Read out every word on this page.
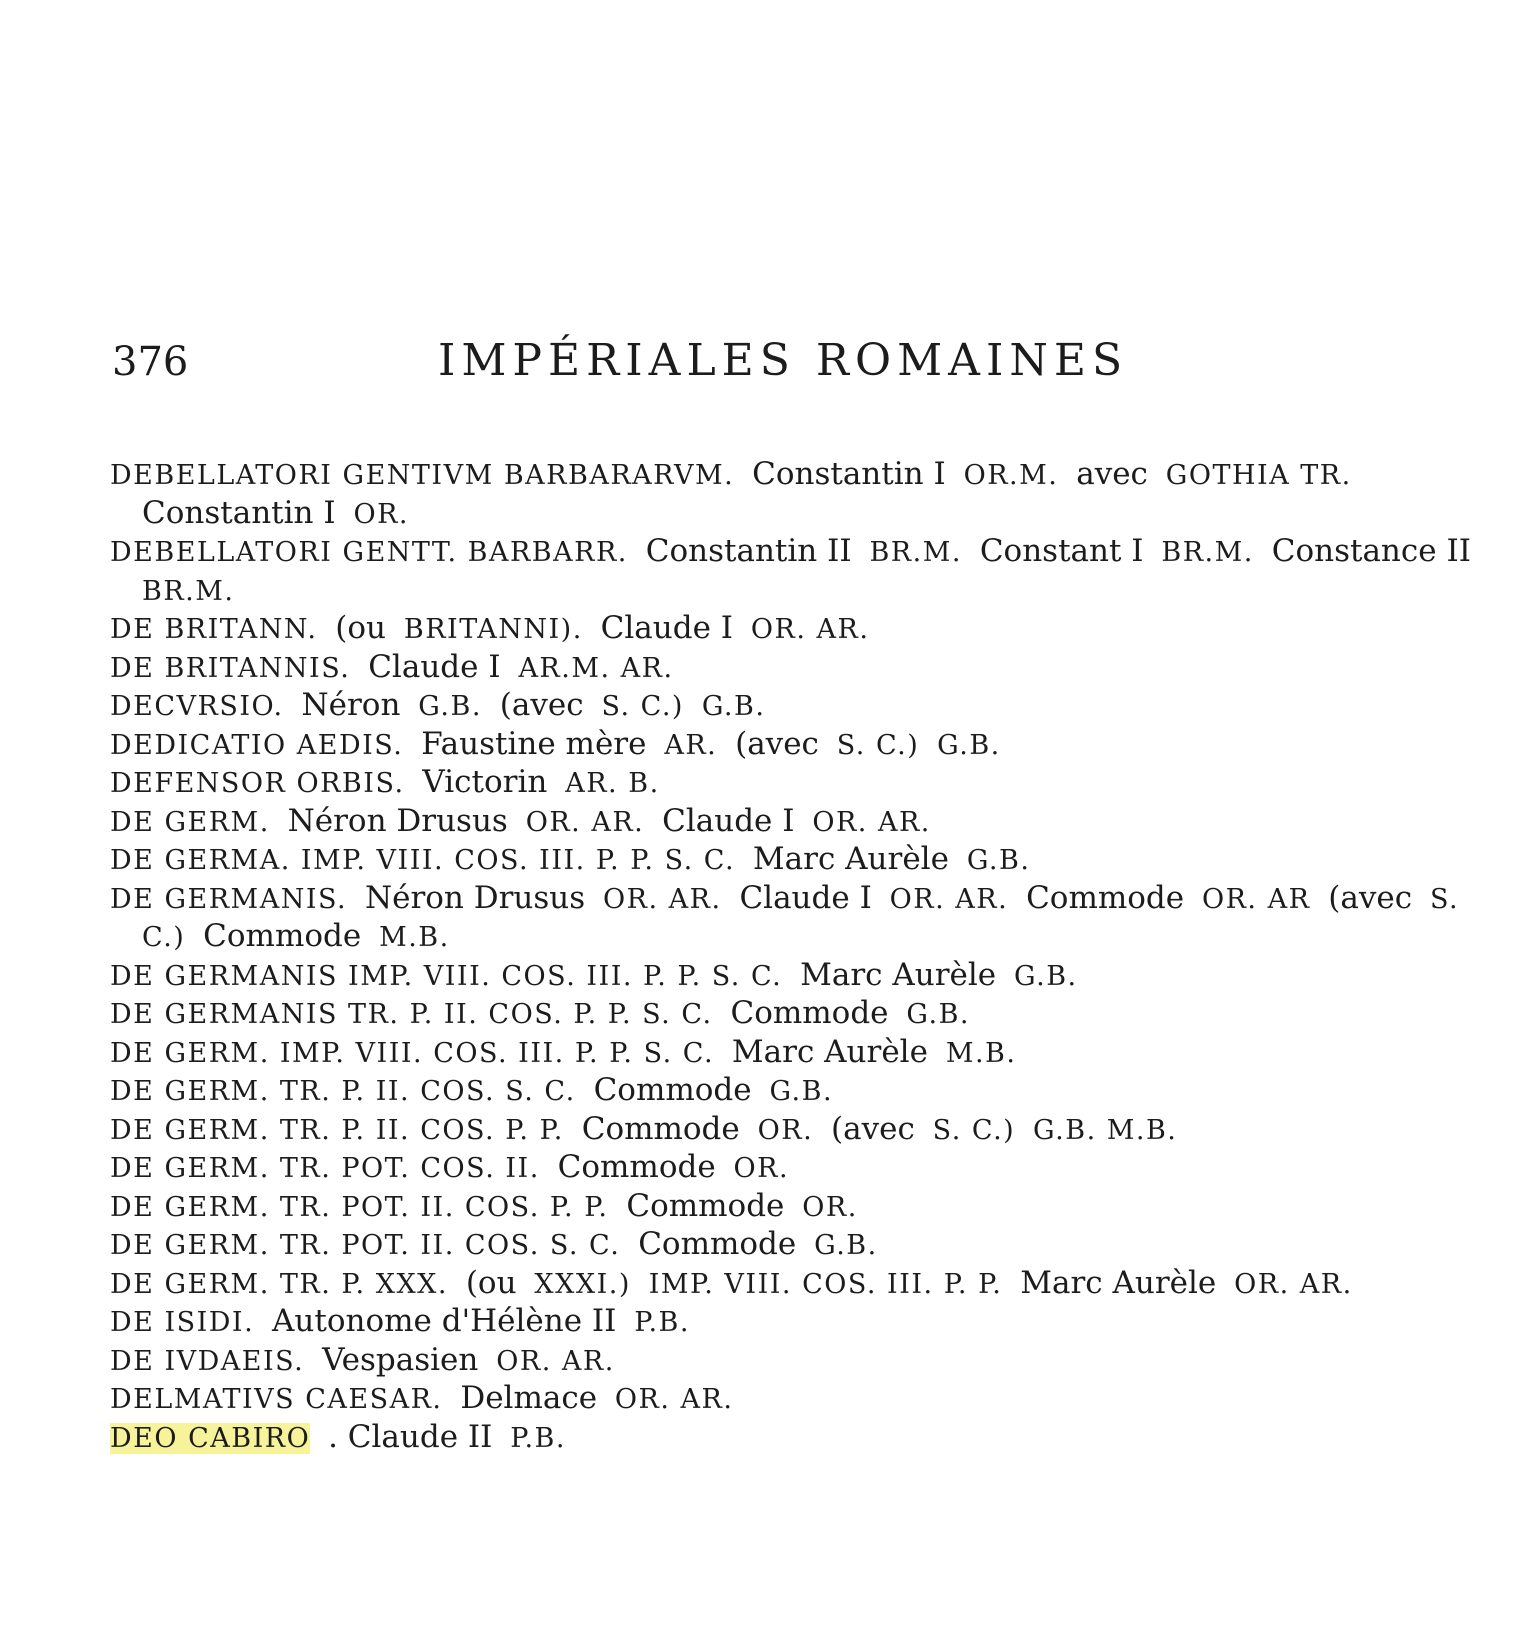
376	IMPÉRIALES ROMAINES

DEBELLATORI GENTIVM BARBARARVM. Constantin I OR.M. avec GOTHIA TR. Constantin I OR.

DEBELLATORI GENTT. BARBARR. Constantin II BR.M. Constant I BR.M. Constance II BR.M.

DE BRITANN. (ou BRITANNI). Claude I OR. AR.

DE BRITANNIS. Claude I AR.M. AR.

DECVRSIO. Néron G.B. (avec S. C.) G.B.

DEDICATIO AEDIS. Faustine mère AR. (avec S. C.) G.B.

DEFENSOR ORBIS. Victorin AR. B.

DE GERM. Néron Drusus OR. AR. Claude I OR. AR.

DE GERMA. IMP. VIII. COS. III. P. P. S. C. Marc Aurèle G.B.

DE GERMANIS. Néron Drusus OR. AR. Claude I OR. AR. Commode OR. AR (avec S. C.) Commode M.B.

DE GERMANIS IMP. VIII. COS. III. P. P. S. C. Marc Aurèle G.B.

DE GERMANIS TR. P. II. COS. P. P. S. C. Commode G.B.

DE GERM. IMP. VIII. COS. III. P. P. S. C. Marc Aurèle M.B.

DE GERM. TR. P. II. COS. S. C. Commode G.B.

DE GERM. TR. P. II. COS. P. P. Commode OR. (avec S. C.) G.B. M.B.

DE GERM. TR. POT. COS. II. Commode OR.

DE GERM. TR. POT. II. COS. P. P. Commode OR.

DE GERM. TR. POT. II. COS. S. C. Commode G.B.

DE GERM. TR. P. XXX. (ou XXXI.) IMP. VIII. COS. III. P. P. Marc Aurèle OR. AR.

DE ISIDI. Autonome d'Hélène II P.B.

DE IVDAEIS. Vespasien OR. AR.

DELMATIVS CAESAR. Delmace OR. AR.

DEO CABIRO . Claude II P.B.
